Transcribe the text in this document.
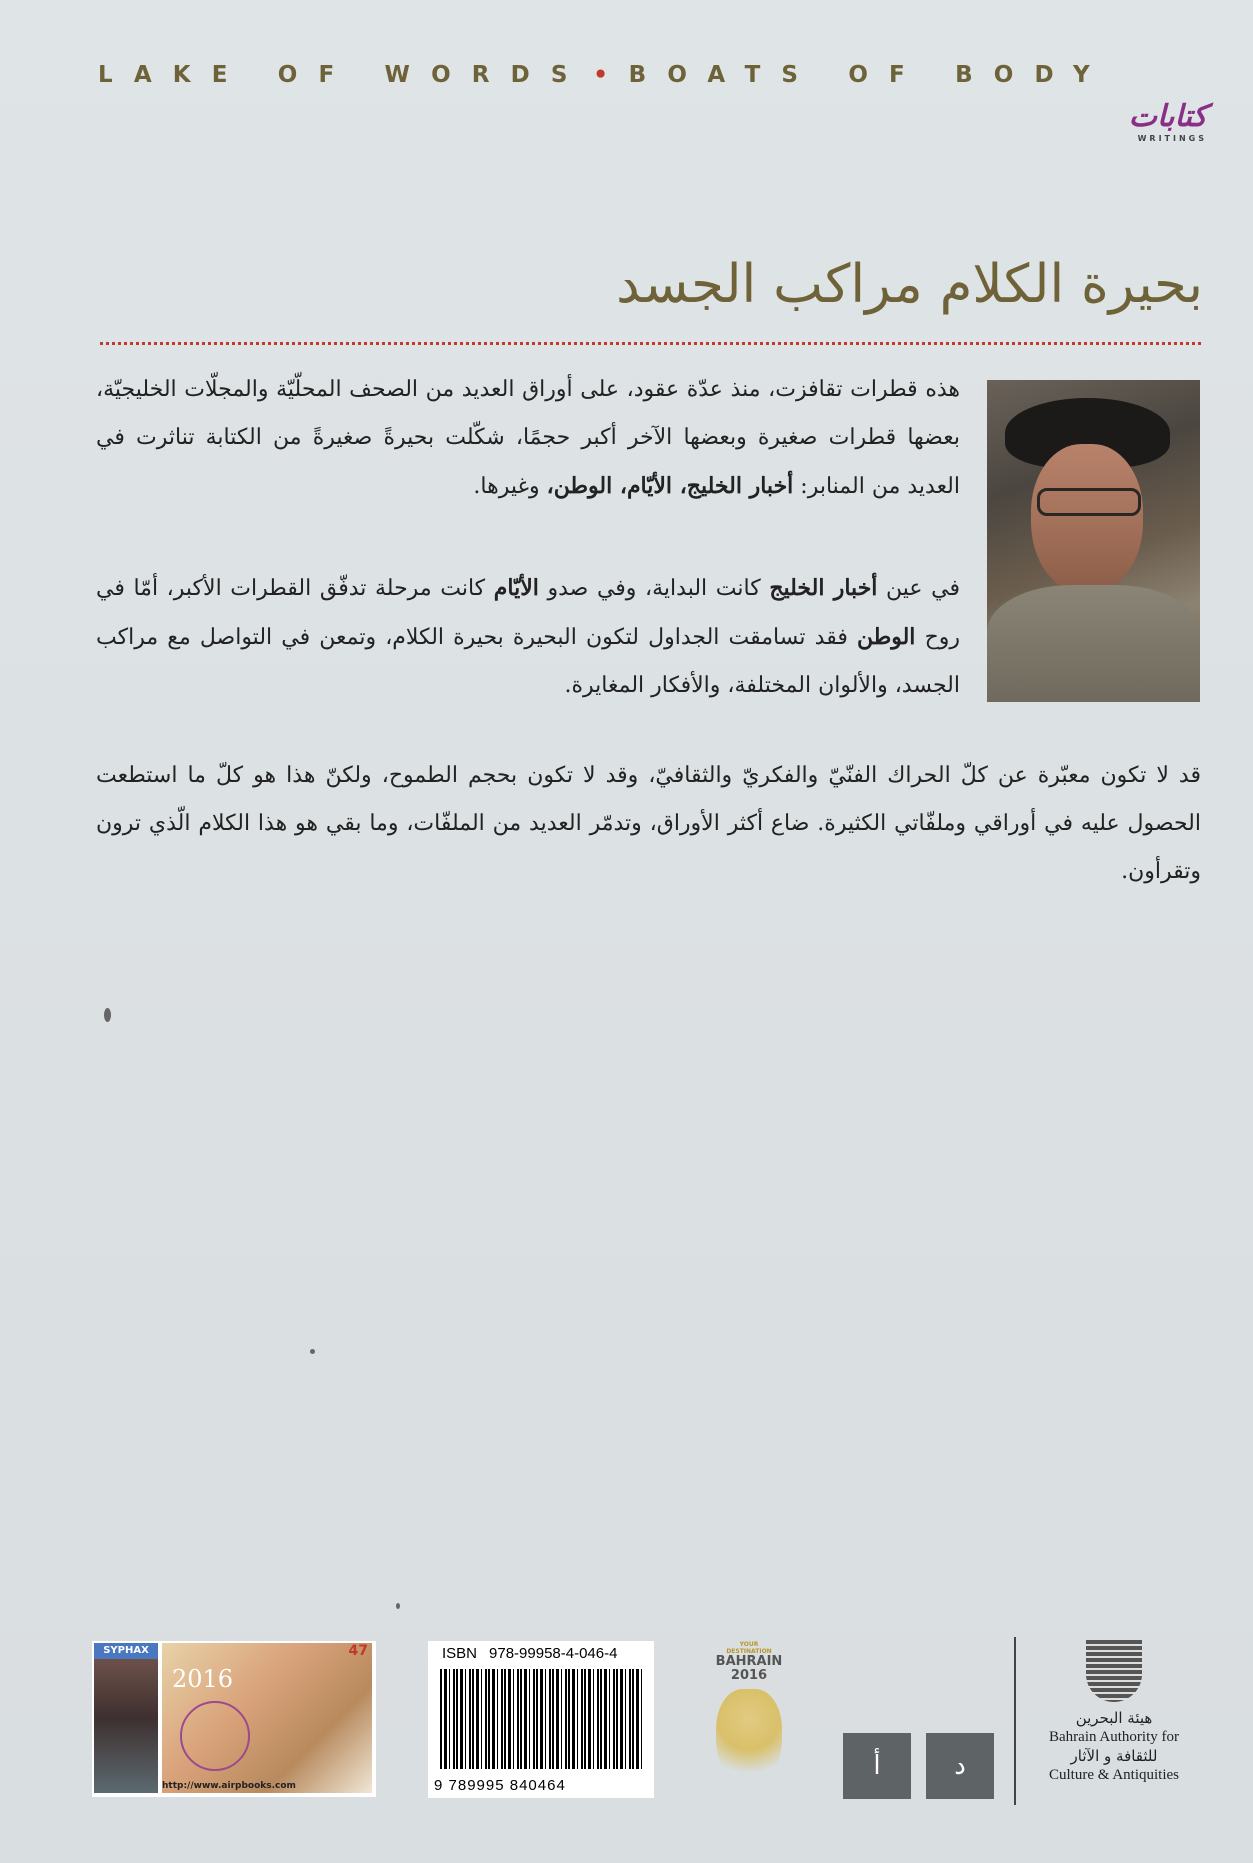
LAKE OF WORDS • BOATS OF BODY
كتابات
WRITINGS
بحيرة الكلام مراكب الجسد

هذه قطرات تقافزت، منذ عدّة عقود، على أوراق العديد من الصحف المحلّيّة والمجلّات الخليجيّة، بعضها قطرات صغيرة وبعضها الآخر أكبر حجمًا، شكّلت بحيرةً صغيرةً من الكتابة تناثرت في العديد من المنابر: أخبار الخليج، الأيّام، الوطن، وغيرها.

في عين أخبار الخليج كانت البداية، وفي صدو الأيّام كانت مرحلة تدفّق القطرات الأكبر، أمّا في روح الوطن فقد تسامقت الجداول لتكون البحيرة بحيرة الكلام، وتمعن في التواصل مع مراكب الجسد، والألوان المختلفة، والأفكار المغايرة.

قد لا تكون معبّرة عن كلّ الحراك الفنّيّ والفكريّ والثقافيّ، وقد لا تكون بحجم الطموح، ولكنّ هذا هو كلّ ما استطعت الحصول عليه في أوراقي وملفّاتي الكثيرة. ضاع أكثر الأوراق، وتدمّر العديد من الملفّات، وما بقي هو هذا الكلام الّذي ترون وتقرأون.

SYPHAX	47
2016
http://www.airpbooks.com
ISBN 978-99958-4-046-4
9 789995 840464
YOUR
DESTINATION
BAHRAIN
2016
أ	د
هيئة البحرين
Bahrain Authority for
للثقافة و الآثار
Culture & Antiquities
